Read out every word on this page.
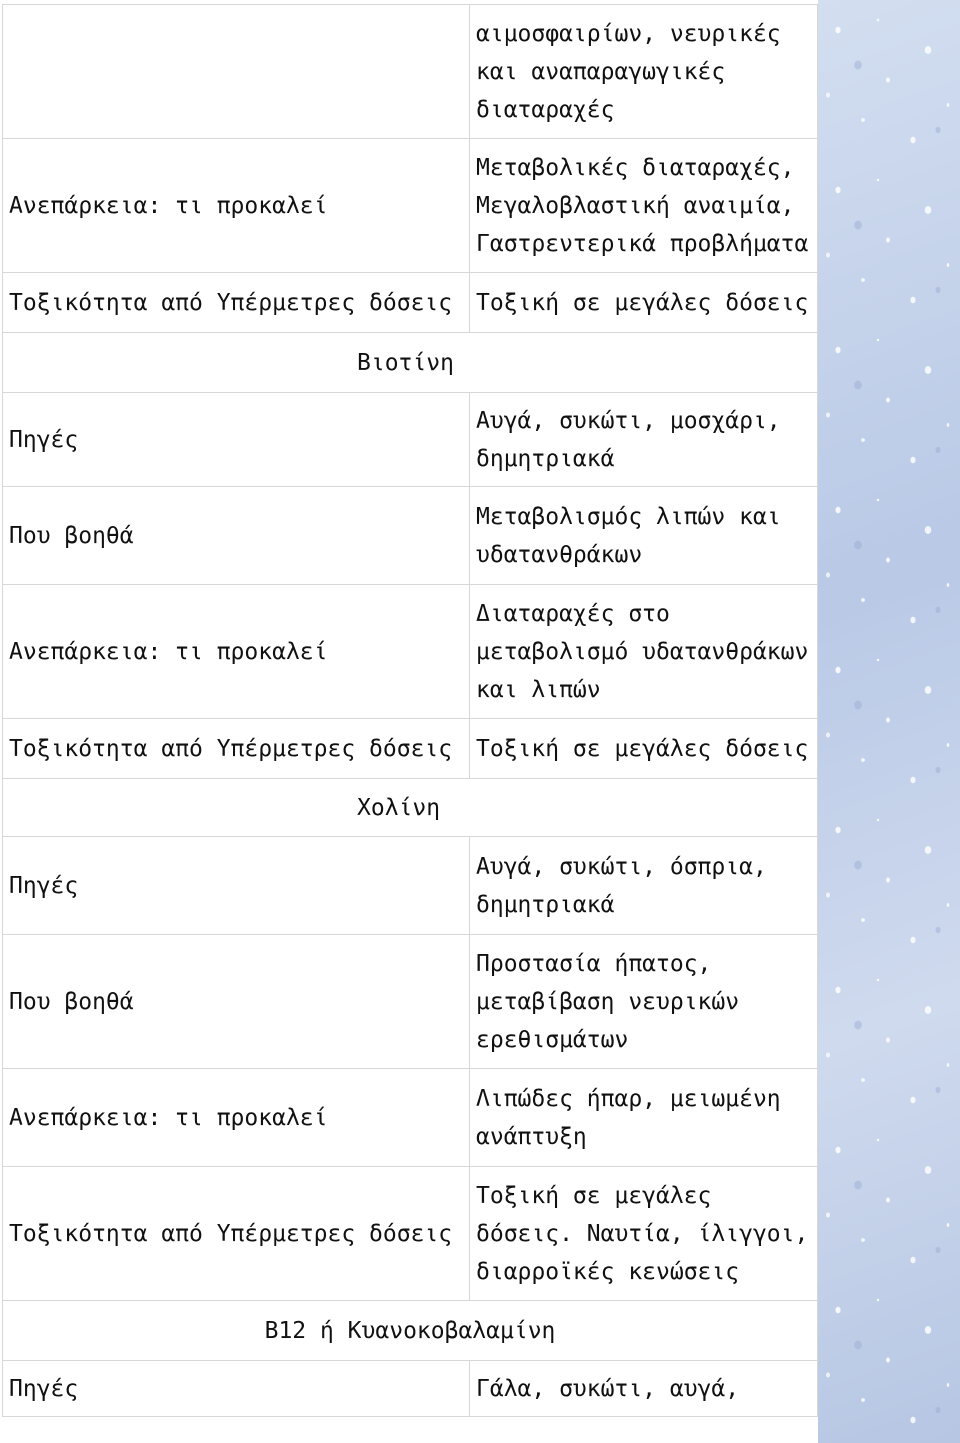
	αιμοσφαιρίων, νευρικές και αναπαραγωγικές διαταραχές
Ανεπάρκεια: τι προκαλεί	Μεταβολικές διαταραχές, Μεγαλοβλαστική αναιμία, Γαστρεντερικά προβλήματα
Τοξικότητα από Υπέρμετρες δόσεις	Τοξική σε μεγάλες δόσεις
Βιοτίνη	
Πηγές	Αυγά, συκώτι, μοσχάρι, δημητριακά
Που βοηθά	Μεταβολισμός λιπών και υδατανθράκων
Ανεπάρκεια: τι προκαλεί	Διαταραχές στο μεταβολισμό υδατανθράκων και λιπών
Τοξικότητα από Υπέρμετρες δόσεις	Τοξική σε μεγάλες δόσεις
Χολίνη	
Πηγές	Αυγά, συκώτι, όσπρια, δημητριακά
Που βοηθά	Προστασία ήπατος, μεταβίβαση νευρικών ερεθισμάτων
Ανεπάρκεια: τι προκαλεί	Λιπώδες ήπαρ, μειωμένη ανάπτυξη
Τοξικότητα από Υπέρμετρες δόσεις	Τοξική σε μεγάλες δόσεις. Ναυτία, ίλιγγοι, διαρροϊκές κενώσεις
B12 ή Κυανοκοβαλαμίνη	
Πηγές	Γάλα, συκώτι, αυγά,
